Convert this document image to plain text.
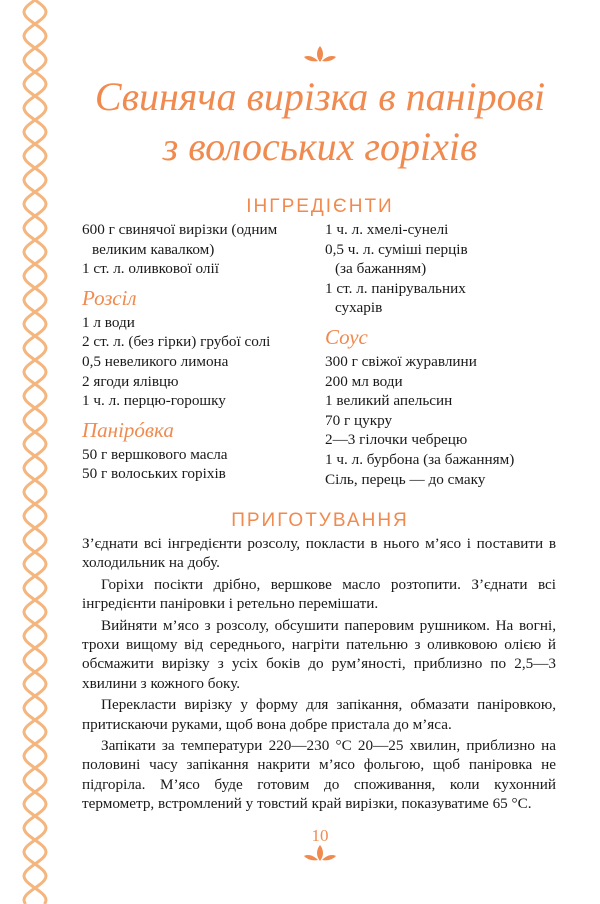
Свиняча вирізка в панірові
з волоських горіхів
ІНГРЕДІЄНТИ
600 г свинячої вирізки (одним
великим кавалком)
1 ст. л. оливкової олії
Розсіл
1 л води
2 ст. л. (без гірки) грубої солі
0,5 невеликого лимона
2 ягоди ялівцю
1 ч. л. перцю-горошку
Панірóвка
50 г вершкового масла
50 г волоських горіхів
1 ч. л. хмелі-сунелі
0,5 ч. л. суміші перців
(за бажанням)
1 ст. л. панірувальних
сухарів
Соус
300 г свіжої журавлини
200 мл води
1 великий апельсин
70 г цукру
2—3 гілочки чебрецю
1 ч. л. бурбона (за бажанням)
Сіль, перець — до смаку
ПРИГОТУВАННЯ

З’єднати всі інгредієнти розсолу, покласти в нього м’ясо і поставити в холодильник на добу.

Горіхи посікти дрібно, вершкове масло розтопити. З’єднати всі інгредієнти паніровки і ретельно перемішати.

Вийняти м’ясо з розсолу, обсушити паперовим рушником. На вогні, трохи вищому від середнього, нагріти пательню з оливковою олією й обсмажити вирізку з усіх боків до рум’яності, приблизно по 2,5—3 хвилини з кожного боку.

Перекласти вирізку у форму для запікання, обмазати паніровкою, притискаючи руками, щоб вона добре пристала до м’яса.

Запікати за температури 220—230 °С 20—25 хвилин, приблизно на половині часу запікання накрити м’ясо фольгою, щоб паніровка не підгоріла. М’ясо буде готовим до споживання, коли кухонний термометр, встромлений у товстий край вирізки, показуватиме 65 °С.

10
